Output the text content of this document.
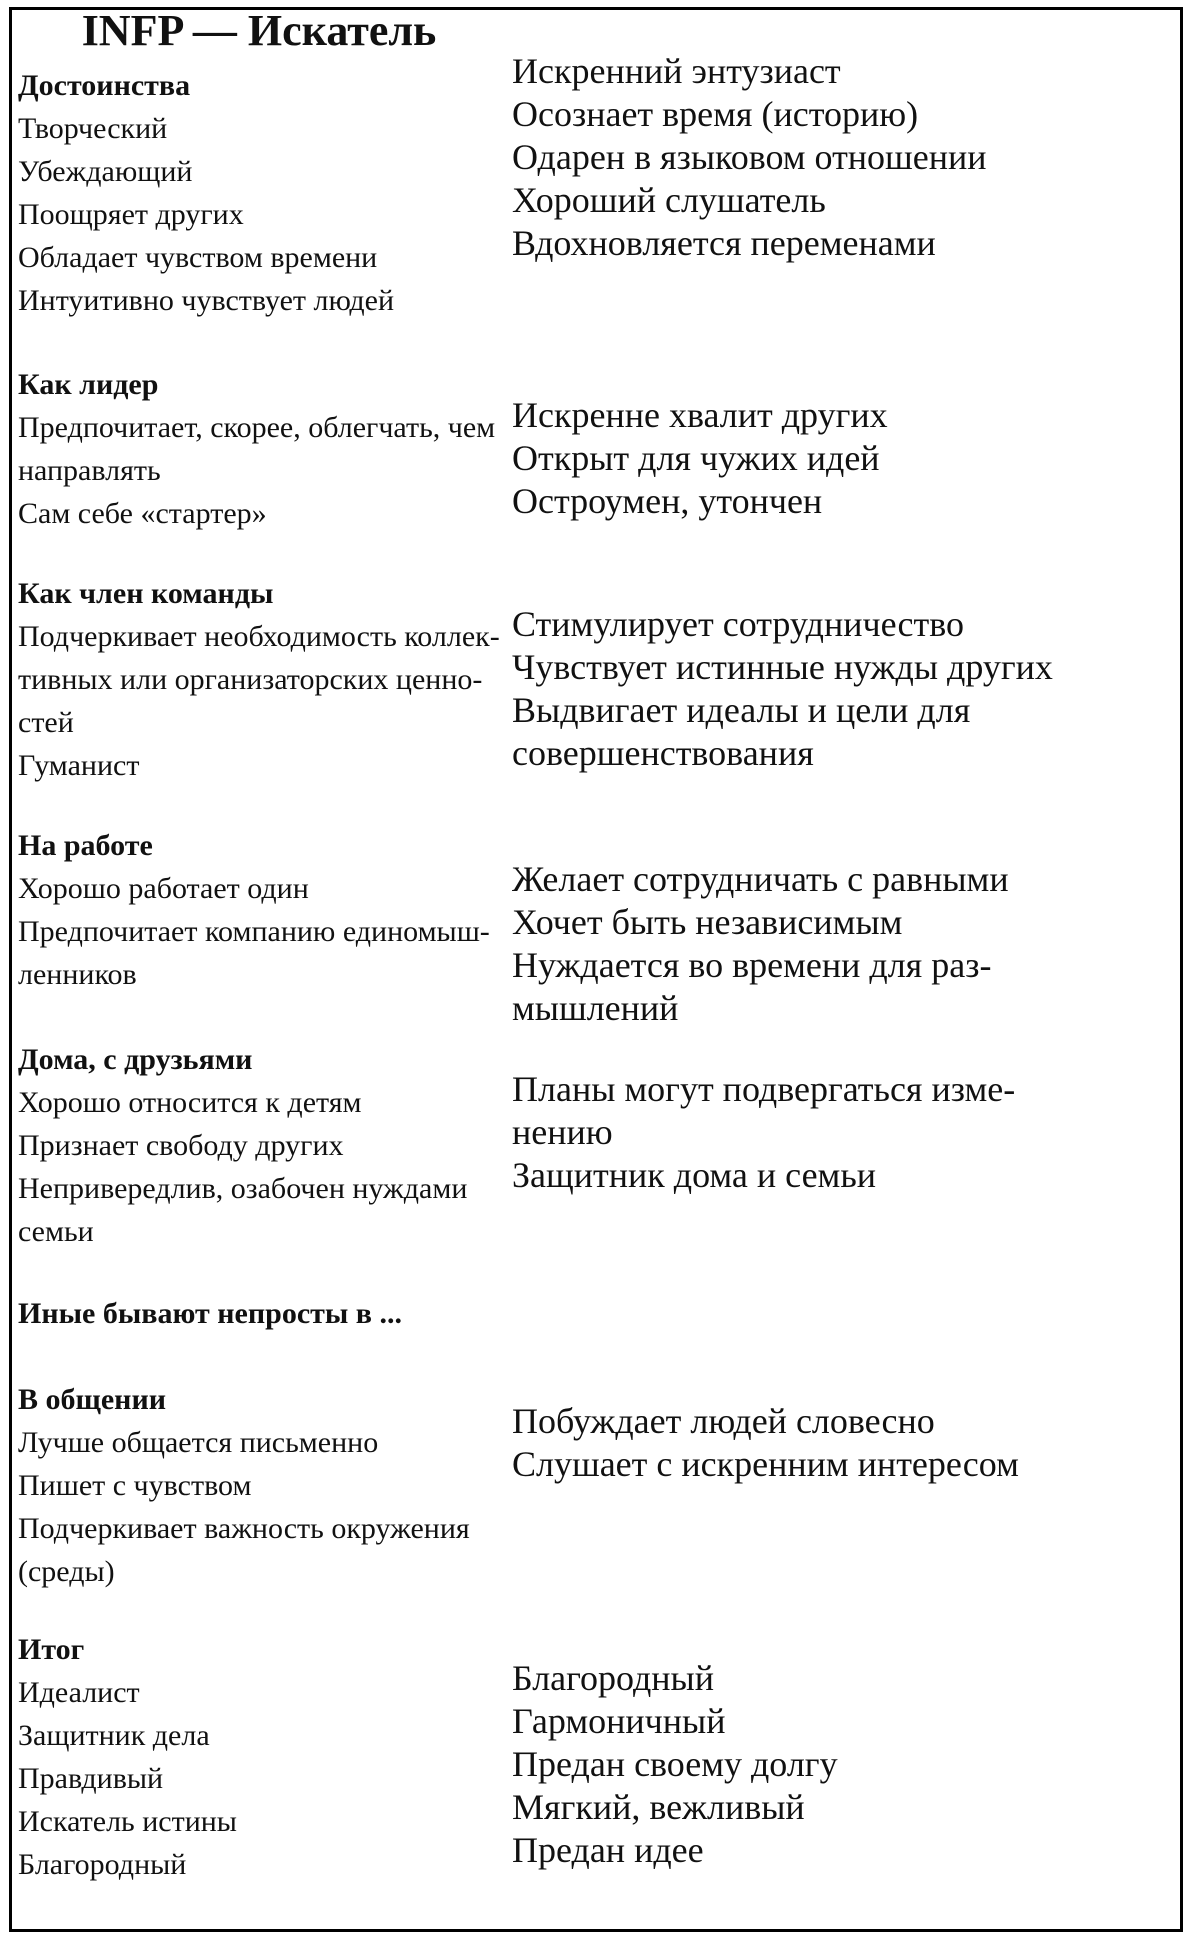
INFP — Искатель
Достоинства
Творческий
Убеждающий
Поощряет других
Обладает чувством времени
Интуитивно чувствует людей
Как лидер
Предпочитает, скорее, облегчать, чем
направлять
Сам себе «стартер»
Как член команды
Подчеркивает необходимость коллек-
тивных или организаторских ценно-
стей
Гуманист
На работе
Хорошо работает один
Предпочитает компанию единомыш-
ленников
Дома, с друзьями
Хорошо относится к детям
Признает свободу других
Непривередлив, озабочен нуждами
семьи
Иные бывают непросты в ...
В общении
Лучше общается письменно
Пишет с чувством
Подчеркивает важность окружения
(среды)
Итог
Идеалист
Защитник дела
Правдивый
Искатель истины
Благородный
Искренний энтузиаст
Осознает время (историю)
Одарен в языковом отношении
Хороший слушатель
Вдохновляется переменами
Искренне хвалит других
Открыт для чужих идей
Остроумен, утончен
Стимулирует сотрудничество
Чувствует истинные нужды других
Выдвигает идеалы и цели для
совершенствования
Желает сотрудничать с равными
Хочет быть независимым
Нуждается во времени для раз-
мышлений
Планы могут подвергаться изме-
нению
Защитник дома и семьи
Побуждает людей словесно
Слушает с искренним интересом
Благородный
Гармоничный
Предан своему долгу
Мягкий, вежливый
Предан идее
